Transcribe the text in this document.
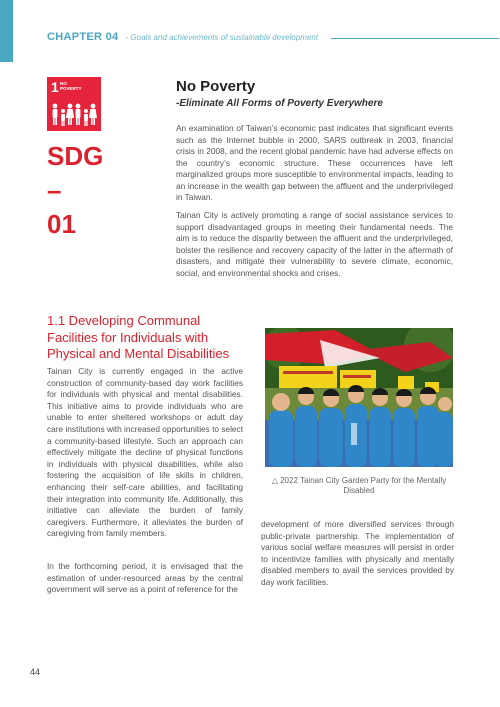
CHAPTER 04 - Goals and achievements of sustainable development
1 NO POVERTY
SDG
–
01
No Poverty
-Eliminate All Forms of Poverty Everywhere

An examination of Taiwan’s economic past indicates that significant events such as the Internet bubble in 2000, SARS outbreak in 2003, financial crisis in 2008, and the recent global pandemic have had adverse effects on the country’s economic structure. These occurrences have left marginalized groups more susceptible to environmental impacts, leading to an increase in the wealth gap between the affluent and the underprivileged in Taiwan.

Tainan City is actively promoting a range of social assistance services to support disadvantaged groups in meeting their fundamental needs. The aim is to reduce the disparity between the affluent and the underprivileged, bolster the resilience and recovery capacity of the latter in the aftermath of disasters, and mitigate their vulnerability to severe climate, economic, social, and environmental shocks and crises.

1.1 Developing Communal Facilities for Individuals with Physical and Mental Disabilities

Tainan City is currently engaged in the active construction of community-based day work facilities for individuals with physical and mental disabilities. This initiative aims to provide individuals who are unable to enter sheltered workshops or adult day care institutions with increased opportunities to select a community-based lifestyle. Such an approach can effectively mitigate the decline of physical functions in individuals with physical disabilities, while also fostering the acquisition of life skills in children, enhancing their self-care abilities, and facilitating their integration into community life. Additionally, this initiative can alleviate the burden of family caregivers. Furthermore, it alleviates the burden of caregiving from family members.

In the forthcoming period, it is envisaged that the estimation of under-resourced areas by the central government will serve as a point of reference for the

△ 2022 Tainan City Garden Party for the Mentally Disabled

development of more diversified services through public-private partnership. The implementation of various social welfare measures will persist in order to incentivize families with physically and mentally disabled members to avail the services provided by day work facilities.

44
